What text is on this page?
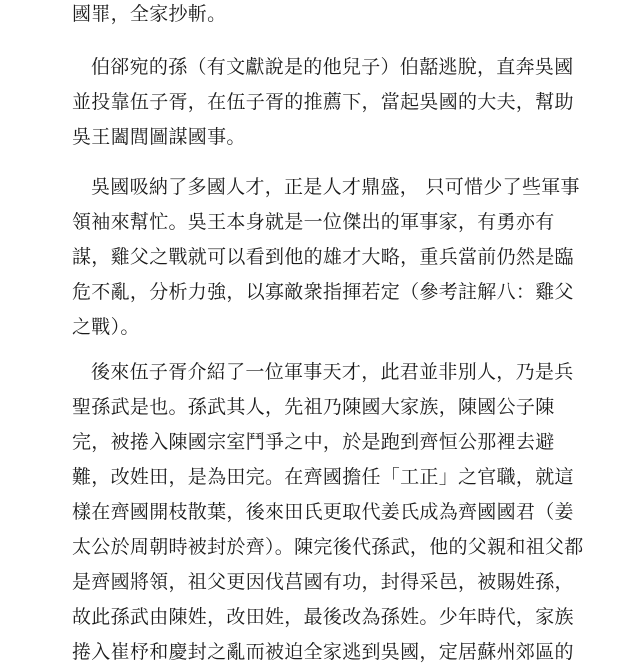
國罪，全家抄斬。
伯郤宛的孫（有文獻說是的他兒子）伯嚭逃脫，直奔吳國
並投靠伍子胥，在伍子胥的推薦下，當起吳國的大夫，幫助
吳王闔閭圖謀國事。
吳國吸納了多國人才，正是人才鼎盛， 只可惜少了些軍事
領袖來幫忙。吳王本身就是一位傑出的軍事家，有勇亦有
謀，雞父之戰就可以看到他的雄才大略，重兵當前仍然是臨
危不亂，分析力強，以寡敵衆指揮若定（參考註解八：雞父
之戰）。
後來伍子胥介紹了一位軍事天才，此君並非別人，乃是兵
聖孫武是也。孫武其人，先祖乃陳國大家族，陳國公子陳
完，被捲入陳國宗室鬥爭之中，於是跑到齊恒公那裡去避
難，改姓田，是為田完。在齊國擔任「工正」之官職，就這
樣在齊國開枝散葉，後來田氏更取代姜氏成為齊國國君（姜
太公於周朝時被封於齊）。陳完後代孫武，他的父親和祖父都
是齊國將領，祖父更因伐莒國有功，封得采邑，被賜姓孫，
故此孫武由陳姓，改田姓，最後改為孫姓。少年時代，家族
捲入崔杼和慶封之亂而被迫全家逃到吳國，定居蘇州郊區的
